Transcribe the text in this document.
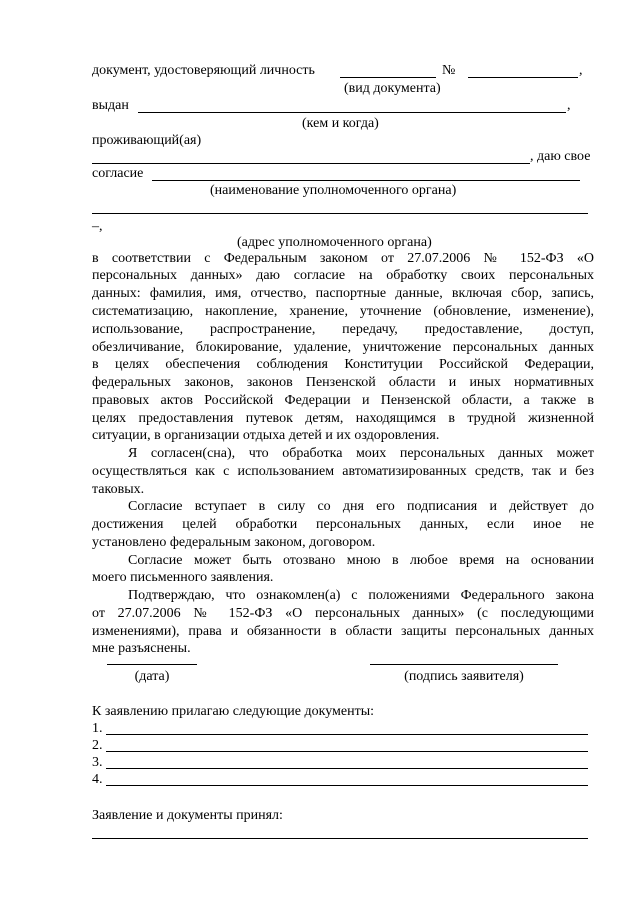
документ, удостоверяющий личность	№	,
(вид документа)
выдан	,
(кем и когда)
проживающий(ая)
, даю свое
согласие
(наименование уполномоченного органа)
–,
(адрес уполномоченного органа)
в соответствии с Федеральным законом от 27.07.2006 № 152-ФЗ «О
персональных данных» даю согласие на обработку своих персональных
данных: фамилия, имя, отчество, паспортные данные, включая сбор, запись,
систематизацию, накопление, хранение, уточнение (обновление, изменение),
использование, распространение, передачу, предоставление, доступ,
обезличивание, блокирование, удаление, уничтожение персональных данных
в целях обеспечения соблюдения Конституции Российской Федерации,
федеральных законов, законов Пензенской области и иных нормативных
правовых актов Российской Федерации и Пензенской области, а также в
целях предоставления путевок детям, находящимся в трудной жизненной
ситуации, в организации отдыха детей и их оздоровления.
Я согласен(сна), что обработка моих персональных данных может
осуществляться как с использованием автоматизированных средств, так и без
таковых.
Согласие вступает в силу со дня его подписания и действует до
достижения целей обработки персональных данных, если иное не
установлено федеральным законом, договором.
Согласие может быть отозвано мною в любое время на основании
моего письменного заявления.
Подтверждаю, что ознакомлен(а) с положениями Федерального закона
от 27.07.2006 № 152-ФЗ «О персональных данных» (с последующими
изменениями), права и обязанности в области защиты персональных данных
мне разъяснены.
(дата)	(подпись заявителя)
К заявлению прилагаю следующие документы:
1.
2.
3.
4.
Заявление и документы принял:
